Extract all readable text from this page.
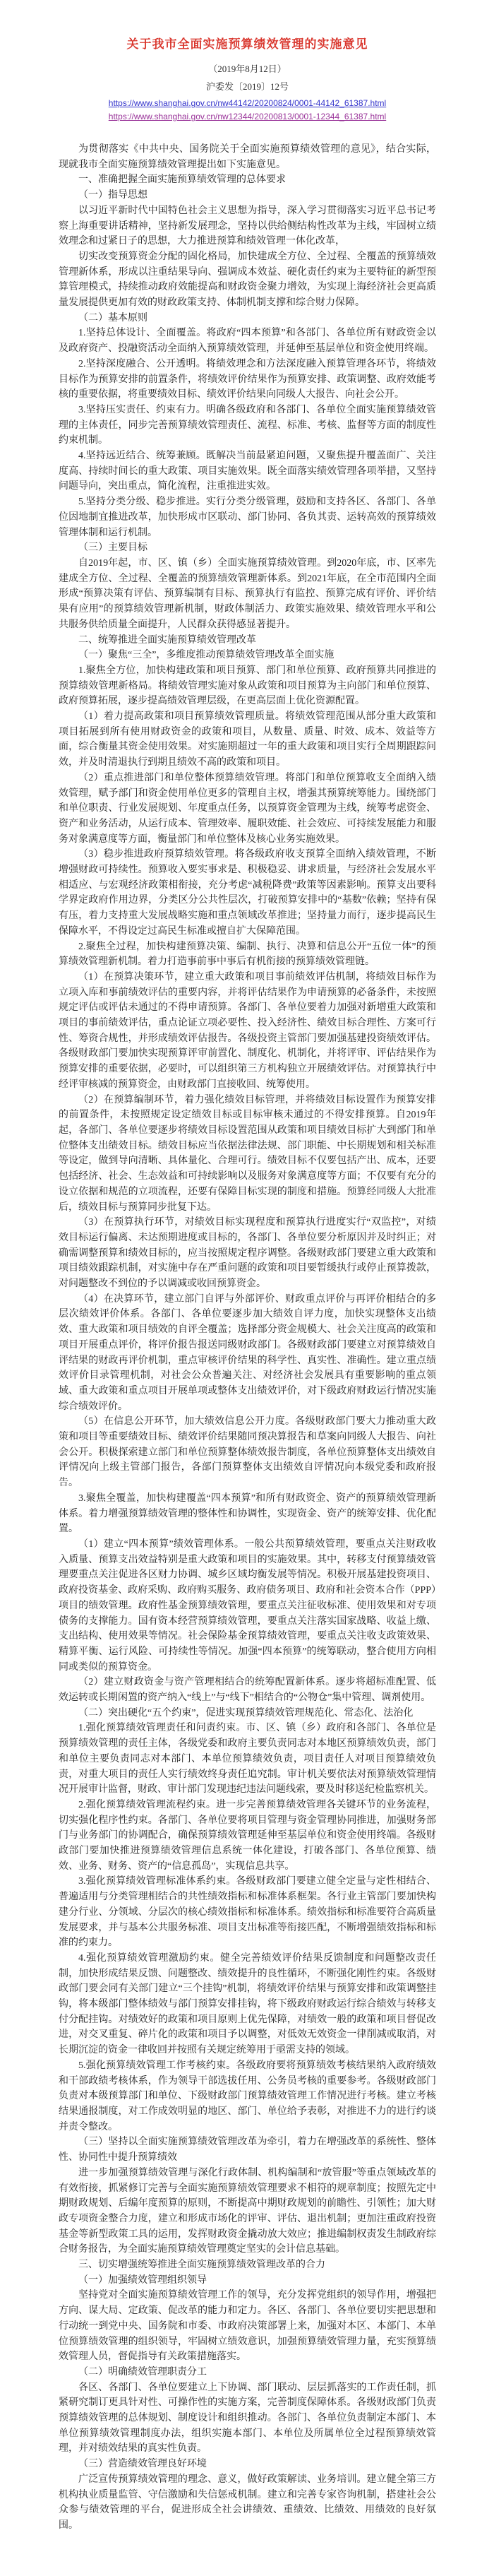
关于我市全面实施预算绩效管理的实施意见

（2019年8月12日）

沪委发〔2019〕12号

https://www.shanghai.gov.cn/nw44142/20200824/0001-44142_61387.html
https://www.shanghai.gov.cn/nw12344/20200813/0001-12344_61387.html

为贯彻落实《中共中央、国务院关于全面实施预算绩效管理的意见》，结合实际，现就我市全面实施预算绩效管理提出如下实施意见。

一、准确把握全面实施预算绩效管理的总体要求

（一）指导思想

以习近平新时代中国特色社会主义思想为指导，深入学习贯彻落实习近平总书记考察上海重要讲话精神，坚持新发展理念，坚持以供给侧结构性改革为主线，牢固树立绩效理念和过紧日子的思想，大力推进预算和绩效管理一体化改革，

切实改变预算资金分配的固化格局，加快建成全方位、全过程、全覆盖的预算绩效管理新体系，形成以注重结果导向、强调成本效益、硬化责任约束为主要特征的新型预算管理模式，持续推动政府效能提高和财政资金聚力增效，为实现上海经济社会更高质量发展提供更加有效的财政政策支持、体制机制支撑和综合财力保障。

（二）基本原则

1.坚持总体设计、全面覆盖。将政府“四本预算”和各部门、各单位所有财政资金以及政府资产、投融资活动全面纳入预算绩效管理，并延伸至基层单位和资金使用终端。

2.坚持深度融合、公开透明。将绩效理念和方法深度融入预算管理各环节，将绩效目标作为预算安排的前置条件，将绩效评价结果作为预算安排、政策调整、政府效能考核的重要依据，将重要绩效目标、绩效评价结果向同级人大报告、向社会公开。

3.坚持压实责任、约束有力。明确各级政府和各部门、各单位全面实施预算绩效管理的主体责任，同步完善预算绩效管理责任、流程、标准、考核、监督等方面的制度性约束机制。

4.坚持远近结合、统筹兼顾。既解决当前最紧迫问题，又聚焦提升覆盖面广、关注度高、持续时间长的重大政策、项目实施效果。既全面落实绩效管理各项举措，又坚持问题导向，突出重点，简化流程，注重推进实效。

5.坚持分类分级、稳步推进。实行分类分级管理，鼓励和支持各区、各部门、各单位因地制宜推进改革，加快形成市区联动、部门协同、各负其责、运转高效的预算绩效管理体制和运行机制。

（三）主要目标

自2019年起，市、区、镇（乡）全面实施预算绩效管理。到2020年底，市、区率先建成全方位、全过程、全覆盖的预算绩效管理新体系。到2021年底，在全市范围内全面形成“预算决策有评估、预算编制有目标、预算执行有监控、预算完成有评价、评价结果有应用”的预算绩效管理新机制，财政体制活力、政策实施效果、绩效管理水平和公共服务供给质量全面提升，人民群众获得感显著提升。

二、统筹推进全面实施预算绩效管理改革

（一）聚焦“三全”，多维度推动预算绩效管理改革全面实施

1.聚焦全方位，加快构建政策和项目预算、部门和单位预算、政府预算共同推进的预算绩效管理新格局。将绩效管理实施对象从政策和项目预算为主向部门和单位预算、政府预算拓展，逐步提高绩效管理层级，在更高层面上优化资源配置。

（1）着力提高政策和项目预算绩效管理质量。将绩效管理范围从部分重大政策和项目拓展到所有使用财政资金的政策和项目，从数量、质量、时效、成本、效益等方面，综合衡量其资金使用效果。对实施期超过一年的重大政策和项目实行全周期跟踪问效，并及时清退执行到期且绩效不高的政策和项目。

（2）重点推进部门和单位整体预算绩效管理。将部门和单位预算收支全面纳入绩效管理，赋予部门和资金使用单位更多的管理自主权，增强其预算统筹能力。围绕部门和单位职责、行业发展规划、年度重点任务，以预算资金管理为主线，统筹考虑资金、资产和业务活动，从运行成本、管理效率、履职效能、社会效应、可持续发展能力和服务对象满意度等方面，衡量部门和单位整体及核心业务实施效果。

（3）稳步推进政府预算绩效管理。将各级政府收支预算全面纳入绩效管理，不断增强财政可持续性。预算收入要实事求是、积极稳妥、讲求质量，与经济社会发展水平相适应、与宏观经济政策相衔接，充分考虑“减税降费”政策等因素影响。预算支出要科学界定政府作用边界，分类区分公共性层次，打破预算安排中的“基数”依赖；坚持有保有压，着力支持重大发展战略实施和重点领域改革推进；坚持量力而行，逐步提高民生保障水平，不得设定过高民生标准或擅自扩大保障范围。

2.聚焦全过程，加快构建预算决策、编制、执行、决算和信息公开“五位一体”的预算绩效管理新机制。着力打造事前事中事后有机衔接的预算绩效管理链。

（1）在预算决策环节，建立重大政策和项目事前绩效评估机制，将绩效目标作为立项入库和事前绩效评估的重要内容，并将评估结果作为申请预算的必备条件，未按照规定评估或评估未通过的不得申请预算。各部门、各单位要着力加强对新增重大政策和项目的事前绩效评估，重点论证立项必要性、投入经济性、绩效目标合理性、方案可行性、筹资合规性，并形成绩效评估报告。各级投资主管部门要加强基建投资绩效评估。各级财政部门要加快实现预算评审前置化、制度化、机制化，并将评审、评估结果作为预算安排的重要依据，必要时，可以组织第三方机构独立开展绩效评估。对预算执行中经评审核减的预算资金，由财政部门直接收回、统筹使用。

（2）在预算编制环节，着力强化绩效目标管理，并将绩效目标设置作为预算安排的前置条件，未按照规定设定绩效目标或目标审核未通过的不得安排预算。自2019年起，各部门、各单位要逐步将绩效目标设置范围从政策和项目绩效目标扩大到部门和单位整体支出绩效目标。绩效目标应当依据法律法规、部门职能、中长期规划和相关标准等设定，做到导向清晰、具体量化、合理可行。绩效目标不仅要包括产出、成本，还要包括经济、社会、生态效益和可持续影响以及服务对象满意度等方面；不仅要有充分的设立依据和规范的立项流程，还要有保障目标实现的制度和措施。预算经同级人大批准后，绩效目标与预算同步批复下达。

（3）在预算执行环节，对绩效目标实现程度和预算执行进度实行“双监控”，对绩效目标运行偏离、未达预期进度或目标的，各部门、各单位要分析原因并及时纠正；对确需调整预算和绩效目标的，应当按照规定程序调整。各级财政部门要建立重大政策和项目绩效跟踪机制，对实施中存在严重问题的政策和项目要暂缓执行或停止预算拨款，对问题整改不到位的予以调减或收回预算资金。

（4）在决算环节，建立部门自评与外部评价、财政重点评价与再评价相结合的多层次绩效评价体系。各部门、各单位要逐步加大绩效自评力度，加快实现整体支出绩效、重大政策和项目绩效的自评全覆盖；选择部分资金规模大、社会关注度高的政策和项目开展重点评价，将评价报告报送同级财政部门。各级财政部门要建立对预算绩效自评结果的财政再评价机制，重点审核评价结果的科学性、真实性、准确性。建立重点绩效评价目录管理机制，对社会公众普遍关注、对经济社会发展具有重要影响的重点领域、重大政策和重点项目开展单项或整体支出绩效评价，对下级政府财政运行情况实施综合绩效评价。

（5）在信息公开环节，加大绩效信息公开力度。各级财政部门要大力推动重大政策和项目等重要绩效目标、绩效评价结果随同预决算报告和草案向同级人大报告、向社会公开。积极探索建立部门和单位预算整体绩效报告制度，各单位预算整体支出绩效自评情况向上级主管部门报告，各部门预算整体支出绩效自评情况向本级党委和政府报告。

3.聚焦全覆盖，加快构建覆盖“四本预算”和所有财政资金、资产的预算绩效管理新体系。着力增强预算绩效管理的整体性和协调性，实现资金、资产的统筹安排、优化配置。

（1）建立“四本预算”绩效管理体系。一般公共预算绩效管理，要重点关注财政收入质量、预算支出效益特别是重大政策和项目的实施效果。其中，转移支付预算绩效管理要重点关注促进各区财力协调、城乡区域均衡发展等情况。积极开展基建投资项目、政府投资基金、政府采购、政府购买服务、政府债务项目、政府和社会资本合作（PPP）项目的绩效管理。政府性基金预算绩效管理，要重点关注征收标准、使用效果和对专项债务的支撑能力。国有资本经营预算绩效管理，要重点关注落实国家战略、收益上缴、支出结构、使用效果等情况。社会保险基金预算绩效管理，要重点关注收支政策效果、精算平衡、运行风险、可持续性等情况。加强“四本预算”的统筹联动，整合使用方向相同或类似的预算资金。

（2）建立财政资金与资产管理相结合的统筹配置新体系。逐步将超标准配置、低效运转或长期闲置的资产纳入“线上”与“线下”相结合的“公物仓”集中管理、调剂使用。

（二）突出硬化“五个约束”，促进实现预算绩效管理规范化、常态化、法治化

1.强化预算绩效管理责任和问责约束。市、区、镇（乡）政府和各部门、各单位是预算绩效管理的责任主体，各级党委和政府主要负责同志对本地区预算绩效负责，部门和单位主要负责同志对本部门、本单位预算绩效负责，项目责任人对项目预算绩效负责，对重大项目的责任人实行绩效终身责任追究制。审计机关要依法对预算绩效管理情况开展审计监督，财政、审计部门发现违纪违法问题线索，要及时移送纪检监察机关。

2.强化预算绩效管理流程约束。进一步完善预算绩效管理各关键环节的业务流程，切实强化程序性约束。各部门、各单位要将项目管理与资金管理协同推进，加强财务部门与业务部门的协调配合，确保预算绩效管理延伸至基层单位和资金使用终端。各级财政部门要加快推进预算绩效管理信息系统一体化建设，打破各部门、各单位预算、绩效、业务、财务、资产的“信息孤岛”，实现信息共享。

3.强化预算绩效管理标准体系约束。各级财政部门要建立健全定量与定性相结合、普遍适用与分类管理相结合的共性绩效指标和标准体系框架。各行业主管部门要加快构建分行业、分领域、分层次的核心绩效指标和标准体系。绩效指标和标准要符合高质量发展要求，并与基本公共服务标准、项目支出标准等衔接匹配，不断增强绩效指标和标准的约束力。

4.强化预算绩效管理激励约束。健全完善绩效评价结果反馈制度和问题整改责任制，加快形成结果反馈、问题整改、绩效提升的良性循环，不断强化刚性约束。各级财政部门要会同有关部门建立“三个挂钩”机制，将绩效评价结果与预算安排和政策调整挂钩，将本级部门整体绩效与部门预算安排挂钩，将下级政府财政运行综合绩效与转移支付分配挂钩。对绩效好的政策和项目原则上优先保障，对绩效一般的政策和项目督促改进，对交叉重复、碎片化的政策和项目予以调整，对低效无效资金一律削减或取消，对长期沉淀的资金一律收回并按照有关规定统筹用于亟需支持的领域。

5.强化预算绩效管理工作考核约束。各级政府要将预算绩效考核结果纳入政府绩效和干部政绩考核体系，作为领导干部选拔任用、公务员考核的重要参考。各级财政部门负责对本级预算部门和单位、下级财政部门预算绩效管理工作情况进行考核。建立考核结果通报制度，对工作成效明显的地区、部门、单位给予表彰，对推进不力的进行约谈并责令整改。

（三）坚持以全面实施预算绩效管理改革为牵引，着力在增强改革的系统性、整体性、协同性中提升预算绩效

进一步加强预算绩效管理与深化行政体制、机构编制和“放管服”等重点领域改革的有效衔接，抓紧修订完善与全面实施预算绩效管理要求不相符的规章制度；按照先定中期财政规划、后编年度预算的原则，不断提高中期财政规划的前瞻性、引领性；加大财政专项资金整合力度，建立和形成市场化的评审、评估、退出机制；更加注重政府投资基金等新型政策工具的运用，发挥财政资金撬动放大效应；推进编制权责发生制政府综合财务报告，为全面实施预算绩效管理奠定坚实的会计信息基础。

三、切实增强统筹推进全面实施预算绩效管理改革的合力

（一）加强绩效管理组织领导

坚持党对全面实施预算绩效管理工作的领导，充分发挥党组织的领导作用，增强把方向、谋大局、定政策、促改革的能力和定力。各区、各部门、各单位要切实把思想和行动统一到党中央、国务院和市委、市政府决策部署上来，加强对本区、本部门、本单位预算绩效管理的组织领导，牢固树立绩效意识，加强预算绩效管理力量，充实预算绩效管理人员，督促指导有关政策措施落实。

（二）明确绩效管理职责分工

各区、各部门、各单位要建立上下协调、部门联动、层层抓落实的工作责任制，抓紧研究制订更具针对性、可操作性的实施方案，完善制度保障体系。各级财政部门负责预算绩效管理的总体规划、制度设计和组织推动。各部门、各单位负责制定本部门、本单位预算绩效管理制度办法，组织实施本部门、本单位及所属单位全过程预算绩效管理，并对绩效结果的真实性负责。

（三）营造绩效管理良好环境

广泛宣传预算绩效管理的理念、意义，做好政策解读、业务培训。建立健全第三方机构执业质量监管、守信激励和失信惩戒机制。建立和完善专家咨询机制，搭建社会公众参与绩效管理的平台，促进形成全社会讲绩效、重绩效、比绩效、用绩效的良好氛围。
